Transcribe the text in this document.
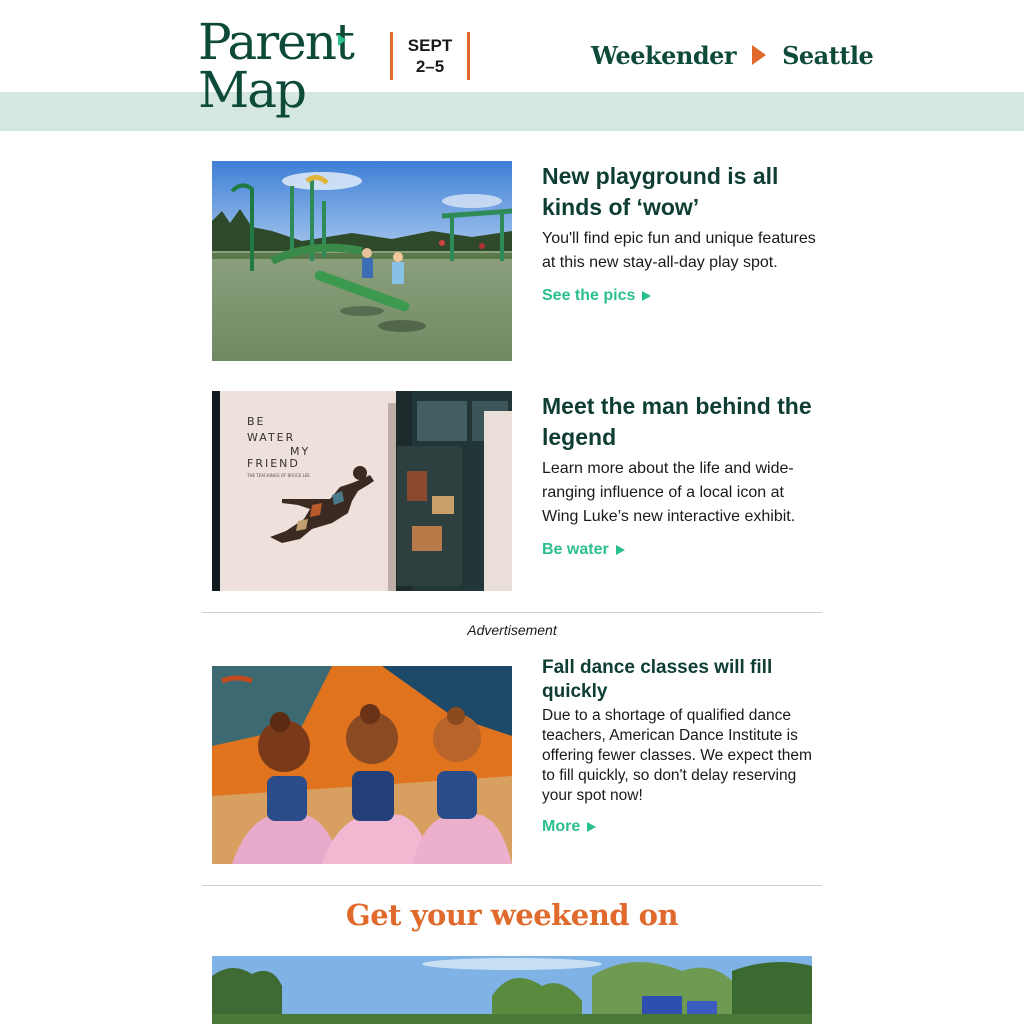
Parent
Map
SEPT
2–5	Weekender Seattle
New playground is all kinds of ‘wow’

You'll find epic fun and unique features at this new stay-all-day play spot.

See the pics
BE
WATER
MY
FRIEND
THE TEACHINGS OF BRUCE LEE
Meet the man behind the legend

Learn more about the life and wide-ranging influence of a local icon at Wing Luke’s new interactive exhibit.

Be water
Advertisement
Fall dance classes will fill quickly

Due to a shortage of qualified dance teachers, American Dance Institute is offering fewer classes. We expect them to fill quickly, so don't delay reserving your spot now!

More
Get your weekend on
